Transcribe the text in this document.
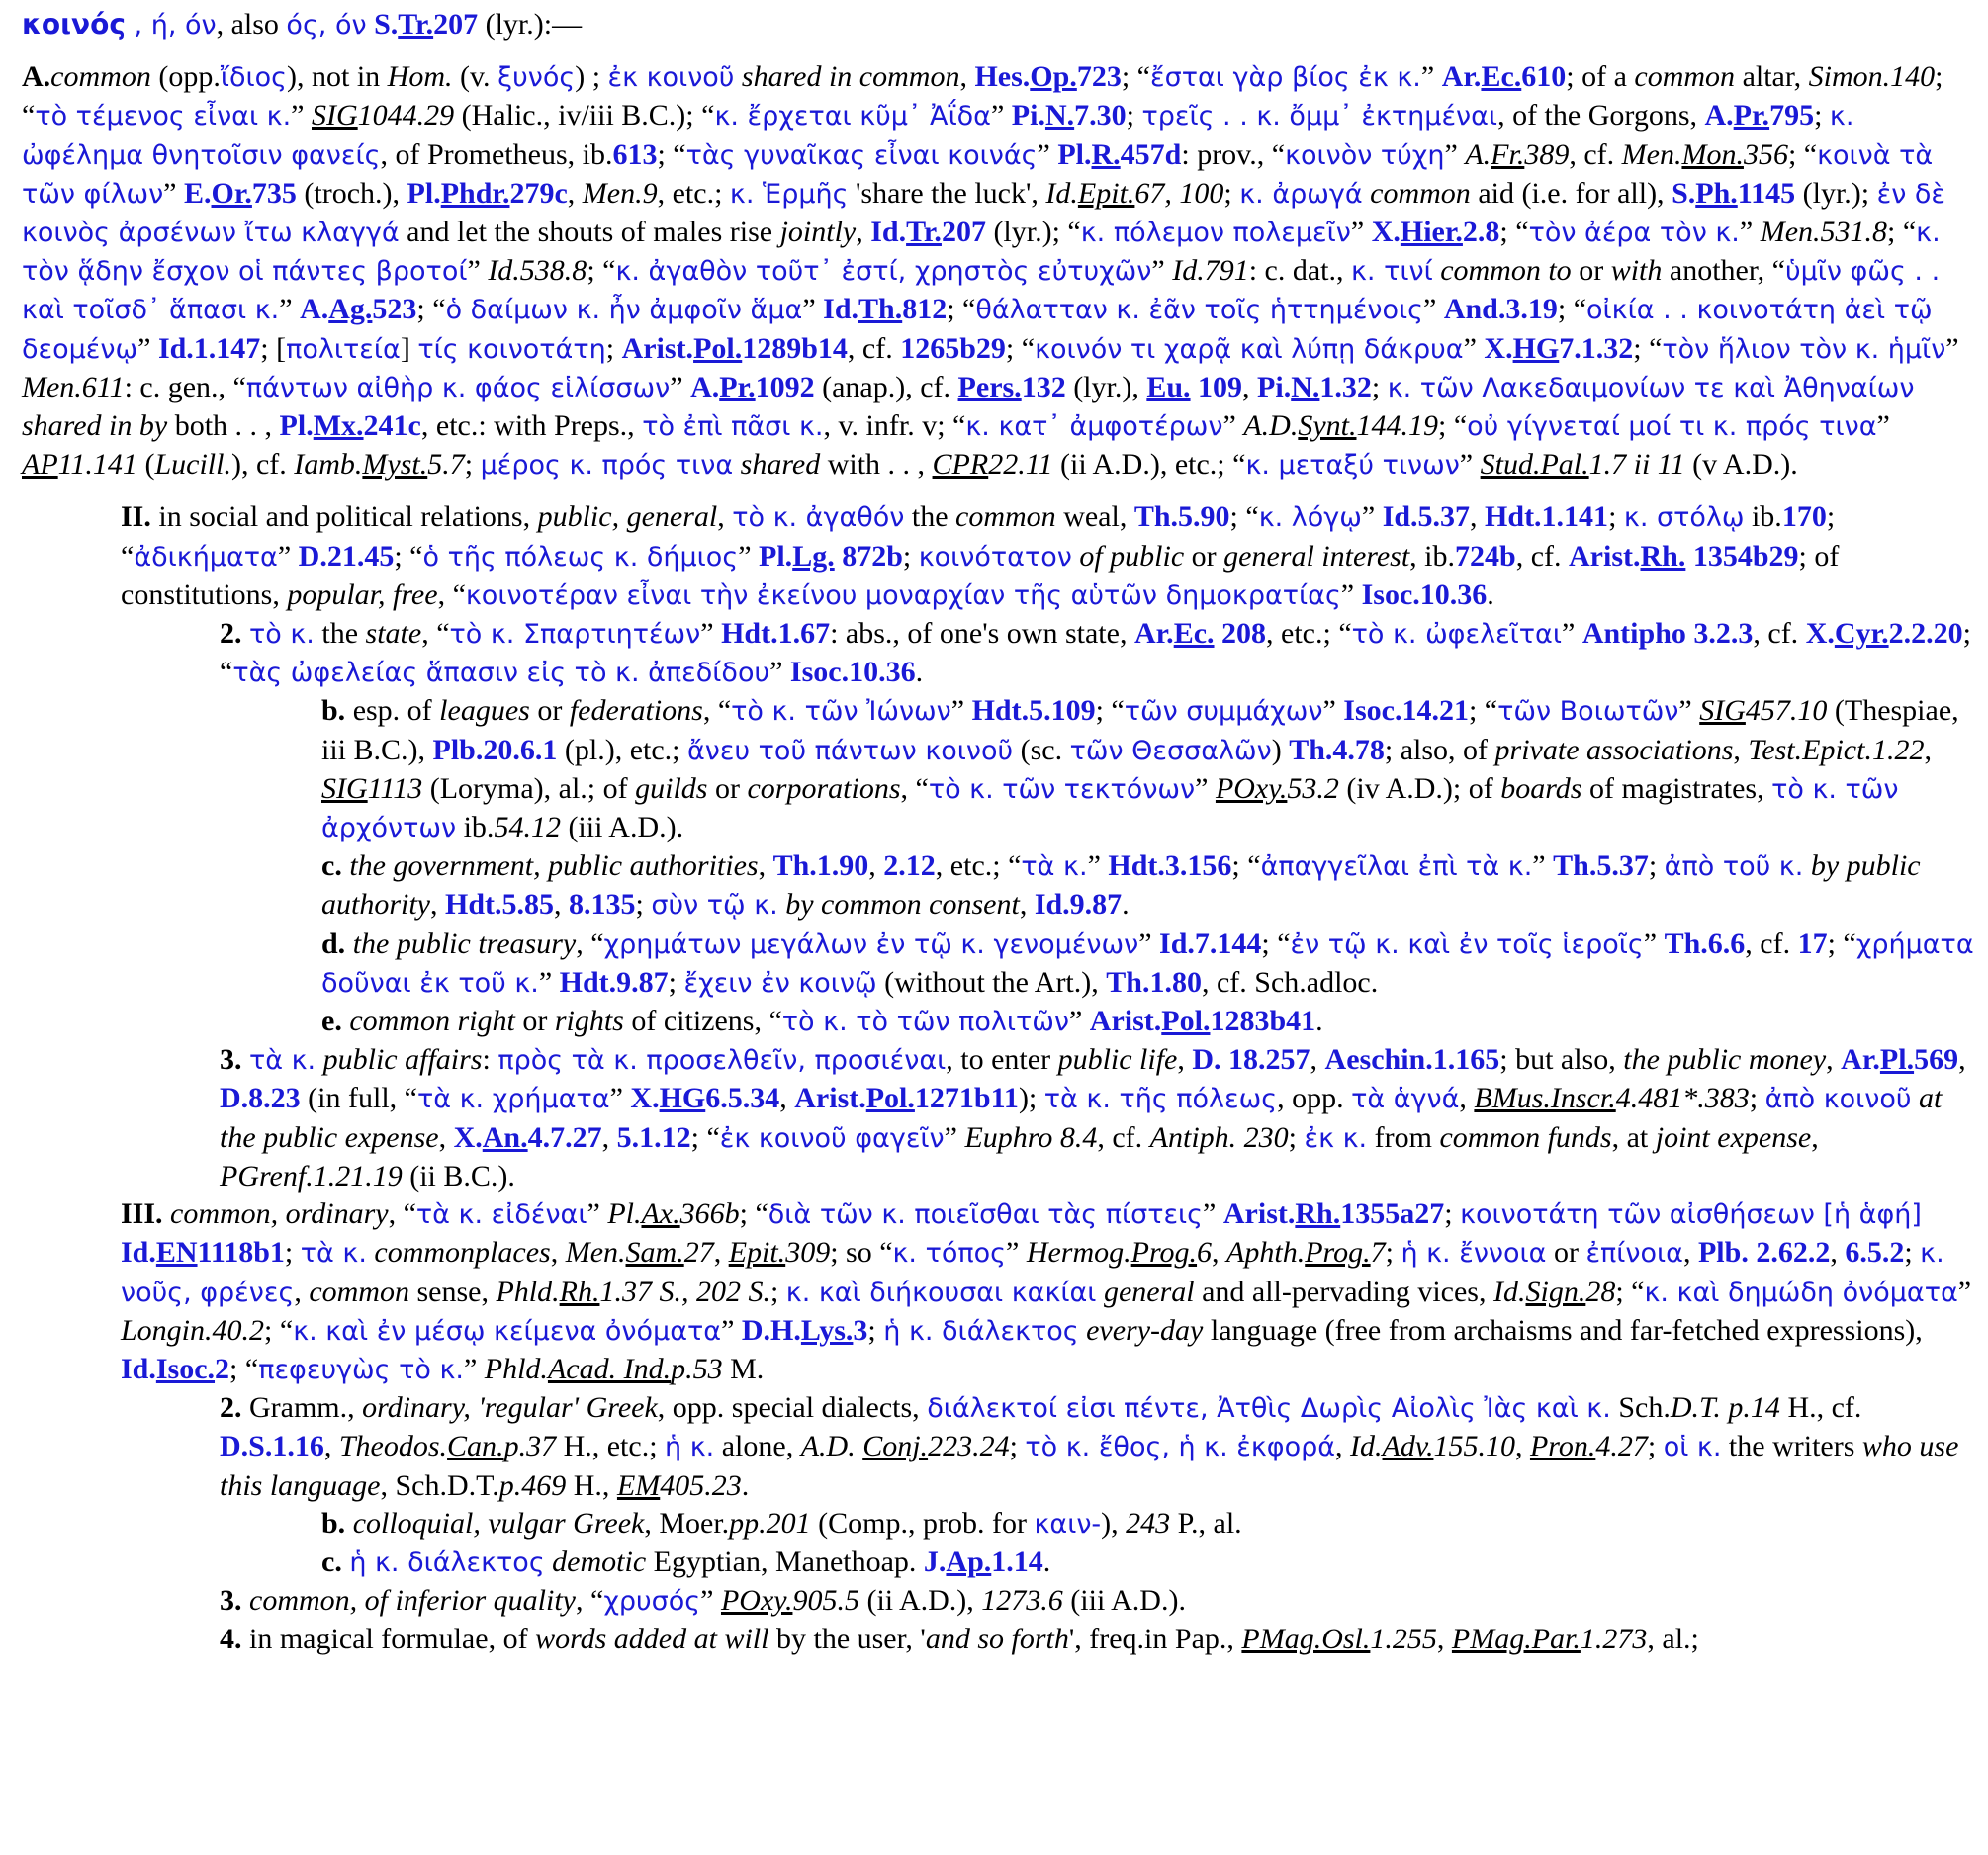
κοινός , ή, όν, also ός, όν S.Tr.207 (lyr.):—
A.common (opp.ἴδιος), not in Hom. (v. ξυνός) ; ἐκ κοινοῦ shared in common, Hes.Op.723; “ἔσται γὰρ βίος ἐκ κ.” Ar.Ec.610; of a common altar, Simon.140; “τὸ τέμενος εἶναι κ.” SIG1044.29 (Halic., iv/iii B.C.); “κ. ἔρχεται κῦμ᾽ Ἀΐδα” Pi.N.7.30; τρεῖς . . κ. ὄμμ᾽ ἐκτημέναι, of the Gorgons, A.Pr.795; κ. ὠφέλημα θνητοῖσιν φανείς, of Prometheus, ib.613; “τὰς γυναῖκας εἶναι κοινάς” Pl.R.457d: prov., “κοινὸν τύχη” A.Fr.389, cf. Men.Mon.356; “κοινὰ τὰ τῶν φίλων” E.Or.735 (troch.), Pl.Phdr.279c, Men.9, etc.; κ. Ἑρμῆς 'share the luck', Id.Epit.67, 100; κ. ἀρωγά common aid (i.e. for all), S.Ph.1145 (lyr.); ἐν δὲ κοινὸς ἀρσένων ἴτω κλαγγά and let the shouts of males rise jointly, Id.Tr.207 (lyr.); “κ. πόλεμον πολεμεῖν” X.Hier.2.8; “τὸν ἀέρα τὸν κ.” Men.531.8; “κ. τὸν ᾅδην ἔσχον οἱ πάντες βροτοί” Id.538.8; “κ. ἀγαθὸν τοῦτ᾽ ἐστί, χρηστὸς εὐτυχῶν” Id.791: c. dat., κ. τινί common to or with another, “ὑμῖν φῶς . . καὶ τοῖσδ᾽ ἅπασι κ.” A.Ag.523; “ὁ δαίμων κ. ἦν ἀμφοῖν ἅμα” Id.Th.812; “θάλατταν κ. ἐᾶν τοῖς ἡττημένοις” And.3.19; “οἰκία . . κοινοτάτη ἀεὶ τῷ δεομένῳ” Id.1.147; [πολιτεία] τίς κοινοτάτη; Arist.Pol.1289b14, cf. 1265b29; “κοινόν τι χαρᾷ καὶ λύπῃ δάκρυα” X.HG7.1.32; “τὸν ἥλιον τὸν κ. ἡμῖν” Men.611: c. gen., “πάντων αἰθὴρ κ. φάος εἱλίσσων” A.Pr.1092 (anap.), cf. Pers.132 (lyr.), Eu. 109, Pi.N.1.32; κ. τῶν Λακεδαιμονίων τε καὶ Ἀθηναίων shared in by both . . , Pl.Mx.241c, etc.: with Preps., τὸ ἐπὶ πᾶσι κ., v. infr. v; “κ. κατ᾽ ἀμφοτέρων” A.D.Synt.144.19; “οὐ γίγνεταί μοί τι κ. πρός τινα” AP11.141 (Lucill.), cf. Iamb.Myst.5.7; μέρος κ. πρός τινα shared with . . , CPR22.11 (ii A.D.), etc.; “κ. μεταξύ τινων” Stud.Pal.1.7 ii 11 (v A.D.).
II. in social and political relations, public, general, τὸ κ. ἀγαθόν the common weal, Th.5.90; “κ. λόγῳ” Id.5.37, Hdt.1.141; κ. στόλῳ ib.170; “ἀδικήματα” D.21.45; “ὁ τῆς πόλεως κ. δήμιος” Pl.Lg. 872b; κοινότατον of public or general interest, ib.724b, cf. Arist.Rh. 1354b29; of constitutions, popular, free, “κοινοτέραν εἶναι τὴν ἐκείνου μοναρχίαν τῆς αὑτῶν δημοκρατίας” Isoc.10.36.
2. τὸ κ. the state, “τὸ κ. Σπαρτιητέων” Hdt.1.67: abs., of one's own state, Ar.Ec. 208, etc.; “τὸ κ. ὠφελεῖται” Antipho 3.2.3, cf. X.Cyr.2.2.20; “τὰς ὠφελείας ἅπασιν εἰς τὸ κ. ἀπεδίδου” Isoc.10.36.
b. esp. of leagues or federations, “τὸ κ. τῶν Ἰώνων” Hdt.5.109; “τῶν συμμάχων” Isoc.14.21; “τῶν Βοιωτῶν” SIG457.10 (Thespiae, iii B.C.), Plb.20.6.1 (pl.), etc.; ἄνευ τοῦ πάντων κοινοῦ (sc. τῶν Θεσσαλῶν) Th.4.78; also, of private associations, Test.Epict.1.22, SIG1113 (Loryma), al.; of guilds or corporations, “τὸ κ. τῶν τεκτόνων” POxy.53.2 (iv A.D.); of boards of magistrates, τὸ κ. τῶν ἀρχόντων ib.54.12 (iii A.D.).
c. the government, public authorities, Th.1.90, 2.12, etc.; “τὰ κ.” Hdt.3.156; “ἀπαγγεῖλαι ἐπὶ τὰ κ.” Th.5.37; ἀπὸ τοῦ κ. by public authority, Hdt.5.85, 8.135; σὺν τῷ κ. by common consent, Id.9.87.
d. the public treasury, “χρημάτων μεγάλων ἐν τῷ κ. γενομένων” Id.7.144; “ἐν τῷ κ. καὶ ἐν τοῖς ἱεροῖς” Th.6.6, cf. 17; “χρήματα δοῦναι ἐκ τοῦ κ.” Hdt.9.87; ἔχειν ἐν κοινῷ (without the Art.), Th.1.80, cf. Sch.adloc.
e. common right or rights of citizens, “τὸ κ. τὸ τῶν πολιτῶν” Arist.Pol.1283b41.
3. τὰ κ. public affairs: πρὸς τὰ κ. προσελθεῖν, προσιέναι, to enter public life, D. 18.257, Aeschin.1.165; but also, the public money, Ar.Pl.569, D.8.23 (in full, “τὰ κ. χρήματα” X.HG6.5.34, Arist.Pol.1271b11); τὰ κ. τῆς πόλεως, opp. τὰ ἁγνά, BMus.Inscr.4.481*.383; ἀπὸ κοινοῦ at the public expense, X.An.4.7.27, 5.1.12; “ἐκ κοινοῦ φαγεῖν” Euphro 8.4, cf. Antiph. 230; ἐκ κ. from common funds, at joint expense, PGrenf.1.21.19 (ii B.C.).
III. common, ordinary, “τὰ κ. εἰδέναι” Pl.Ax.366b; “διὰ τῶν κ. ποιεῖσθαι τὰς πίστεις” Arist.Rh.1355a27; κοινοτάτη τῶν αἰσθήσεων [ἡ ἁφή] Id.EN1118b1; τὰ κ. commonplaces, Men.Sam.27, Epit.309; so “κ. τόπος” Hermog.Prog.6, Aphth.Prog.7; ἡ κ. ἔννοια or ἐπίνοια, Plb. 2.62.2, 6.5.2; κ. νοῦς, φρένες, common sense, Phld.Rh.1.37 S., 202 S.; κ. καὶ διήκουσαι κακίαι general and all-pervading vices, Id.Sign.28; “κ. καὶ δημώδη ὀνόματα” Longin.40.2; “κ. καὶ ἐν μέσῳ κείμενα ὀνόματα” D.H.Lys.3; ἡ κ. διάλεκτος every-day language (free from archaisms and far-fetched expressions), Id.Isoc.2; “πεφευγὼς τὸ κ.” Phld.Acad. Ind.p.53 M.
2. Gramm., ordinary, 'regular' Greek, opp. special dialects, διάλεκτοί εἰσι πέντε, Ἀτθὶς Δωρὶς Αἰολὶς Ἰὰς καὶ κ. Sch.D.T. p.14 H., cf. D.S.1.16, Theodos.Can.p.37 H., etc.; ἡ κ. alone, A.D. Conj.223.24; τὸ κ. ἔθος, ἡ κ. ἐκφορά, Id.Adv.155.10, Pron.4.27; οἱ κ. the writers who use this language, Sch.D.T.p.469 H., EM405.23.
b. colloquial, vulgar Greek, Moer.pp.201 (Comp., prob. for καιν-), 243 P., al.
c. ἡ κ. διάλεκτος demotic Egyptian, Manethoap. J.Ap.1.14.
3. common, of inferior quality, “χρυσός” POxy.905.5 (ii A.D.), 1273.6 (iii A.D.).
4. in magical formulae, of words added at will by the user, 'and so forth', freq.in Pap., PMag.Osl.1.255, PMag.Par.1.273, al.;
